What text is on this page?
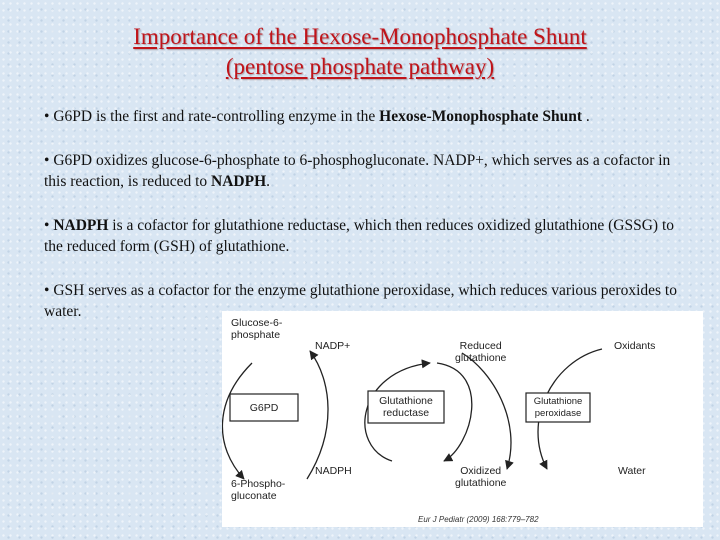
Importance of the Hexose-Monophosphate Shunt
(pentose phosphate pathway)

• G6PD is the first and rate-controlling enzyme in the Hexose-Monophosphate Shunt .

• G6PD oxidizes glucose-6-phosphate to 6-phosphogluconate. NADP+, which serves as a cofactor in this reaction, is reduced to NADPH.

• NADPH is a cofactor for glutathione reductase, which then reduces oxidized glutathione (GSSG) to the reduced form (GSH) of glutathione.

• GSH serves as a cofactor for the enzyme glutathione peroxidase, which reduces various peroxides to water.

Glucose-6-
phosphate
NADP+	Reduced
glutathione
Oxidants
G6PD
Glutathione
reductase
Glutathione
peroxidase
6-Phospho-
gluconate
NADPH	Oxidized
glutathione
Water
Eur J Pediatr (2009) 168:779–782
